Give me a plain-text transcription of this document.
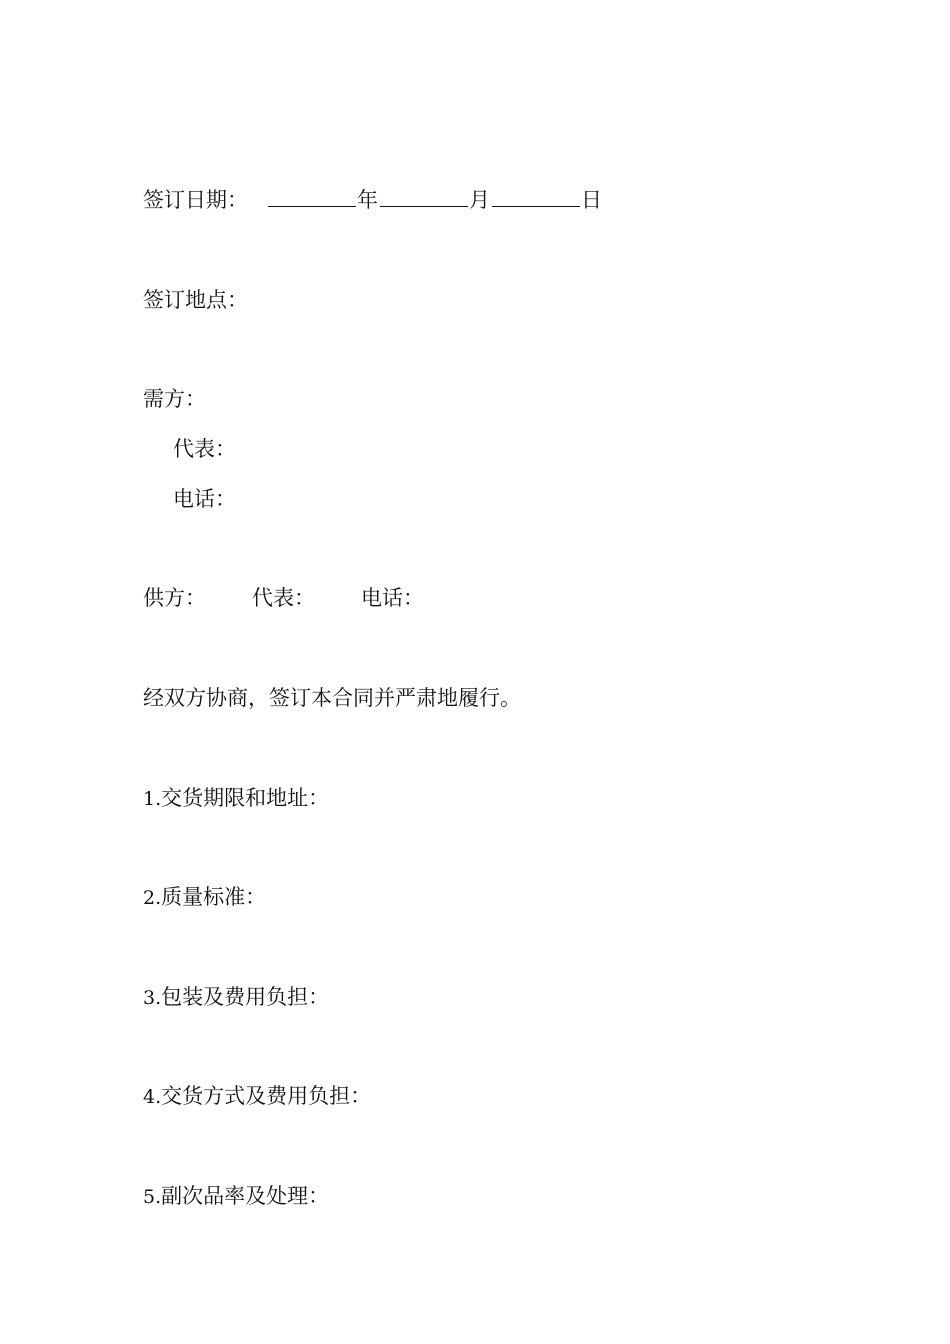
签订日期：	年	月	日
签订地点：
需方：
代表：
电话：
供方： 代表： 电话：
经双方协商，签订本合同并严肃地履行。
1.交货期限和地址：
2.质量标准：
3.包装及费用负担：
4.交货方式及费用负担：
5.副次品率及处理：
